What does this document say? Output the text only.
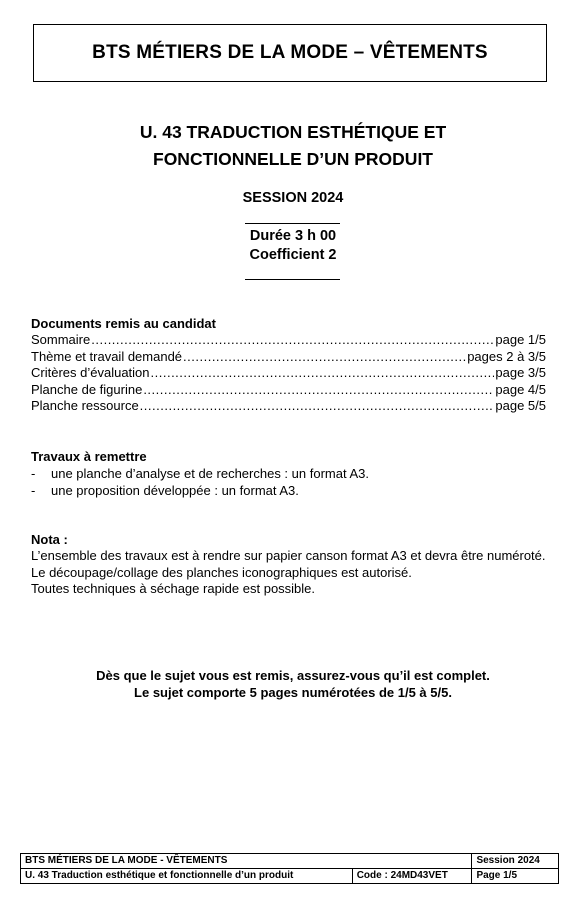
BTS MÉTIERS DE LA MODE – VÊTEMENTS
U. 43 TRADUCTION ESTHÉTIQUE ET
FONCTIONNELLE D’UN PRODUIT
SESSION 2024
Durée 3 h 00
Coefficient 2
Documents remis au candidat
Sommaire .....	page 1/5
Thème et travail demandé .....	pages 2 à 3/5
Critères d’évaluation .....	page 3/5
Planche de figurine .....	page 4/5
Planche ressource .....	page 5/5
Travaux à remettre
-	une planche d’analyse et de recherches : un format A3.
-	une proposition développée : un format A3.
Nota :

L’ensemble des travaux est à rendre sur papier canson format A3 et devra être numéroté.

Le découpage/collage des planches iconographiques est autorisé.

Toutes techniques à séchage rapide est possible.

Dès que le sujet vous est remis, assurez-vous qu’il est complet.
Le sujet comporte 5 pages numérotées de 1/5 à 5/5.
BTS MÉTIERS DE LA MODE - VÊTEMENTS		Session 2024
U. 43 Traduction esthétique et fonctionnelle d’un produit	Code : 24MD43VET	Page 1/5
